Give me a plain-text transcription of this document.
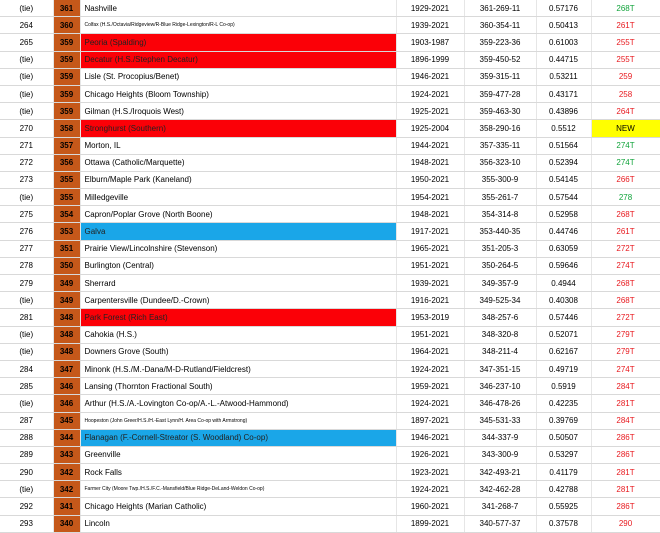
(tie)	361	Nashville	1929-2021	361-269-11	0.57176	268T
264	360	Colfax (H.S./Octavia/Ridgeview/R-Blue Ridge-Lexington/R-L Co-op)	1939-2021	360-354-11	0.50413	261T
265	359	Peoria (Spalding)	1903-1987	359-223-36	0.61003	255T
(tie)	359	Decatur (H.S./Stephen Decatur)	1896-1999	359-450-52	0.44715	255T
(tie)	359	Lisle (St. Procopius/Benet)	1946-2021	359-315-11	0.53211	259
(tie)	359	Chicago Heights (Bloom Township)	1924-2021	359-477-28	0.43171	258
(tie)	359	Gilman (H.S./Iroquois West)	1925-2021	359-463-30	0.43896	264T
270	358	Stronghurst (Southern)	1925-2004	358-290-16	0.5512	NEW
271	357	Morton, IL	1944-2021	357-335-11	0.51564	274T
272	356	Ottawa (Catholic/Marquette)	1948-2021	356-323-10	0.52394	274T
273	355	Elburn/Maple Park (Kaneland)	1950-2021	355-300-9	0.54145	266T
(tie)	355	Milledgeville	1954-2021	355-261-7	0.57544	278
275	354	Capron/Poplar Grove (North Boone)	1948-2021	354-314-8	0.52958	268T
276	353	Galva	1917-2021	353-440-35	0.44746	261T
277	351	Prairie View/Lincolnshire (Stevenson)	1965-2021	351-205-3	0.63059	272T
278	350	Burlington (Central)	1951-2021	350-264-5	0.59646	274T
279	349	Sherrard	1939-2021	349-357-9	0.4944	268T
(tie)	349	Carpentersville (Dundee/D.-Crown)	1916-2021	349-525-34	0.40308	268T
281	348	Park Forest (Rich East)	1953-2019	348-257-6	0.57446	272T
(tie)	348	Cahokia (H.S.)	1951-2021	348-320-8	0.52071	279T
(tie)	348	Downers Grove (South)	1964-2021	348-211-4	0.62167	279T
284	347	Minonk (H.S./M.-Dana/M-D-Rutland/Fieldcrest)	1924-2021	347-351-15	0.49719	274T
285	346	Lansing (Thornton Fractional South)	1959-2021	346-237-10	0.5919	284T
(tie)	346	Arthur (H.S./A.-Lovington Co-op/A.-L.-Atwood-Hammond)	1924-2021	346-478-26	0.42235	281T
287	345	Hoopeston (John Greer/H.S./H.-East Lynn/H. Area Co-op with Armstrong)	1897-2021	345-531-33	0.39769	284T
288	344	Flanagan (F.-Cornell-Streator (S. Woodland) Co-op)	1946-2021	344-337-9	0.50507	286T
289	343	Greenville	1926-2021	343-300-9	0.53297	286T
290	342	Rock Falls	1923-2021	342-493-21	0.41179	281T
(tie)	342	Farmer City (Moore Twp./H.S./F.C.-Mansfield/Blue Ridge-DeLand-Weldon Co-op)	1924-2021	342-462-28	0.42788	281T
292	341	Chicago Heights (Marian Catholic)	1960-2021	341-268-7	0.55925	286T
293	340	Lincoln	1899-2021	340-577-37	0.37578	290
